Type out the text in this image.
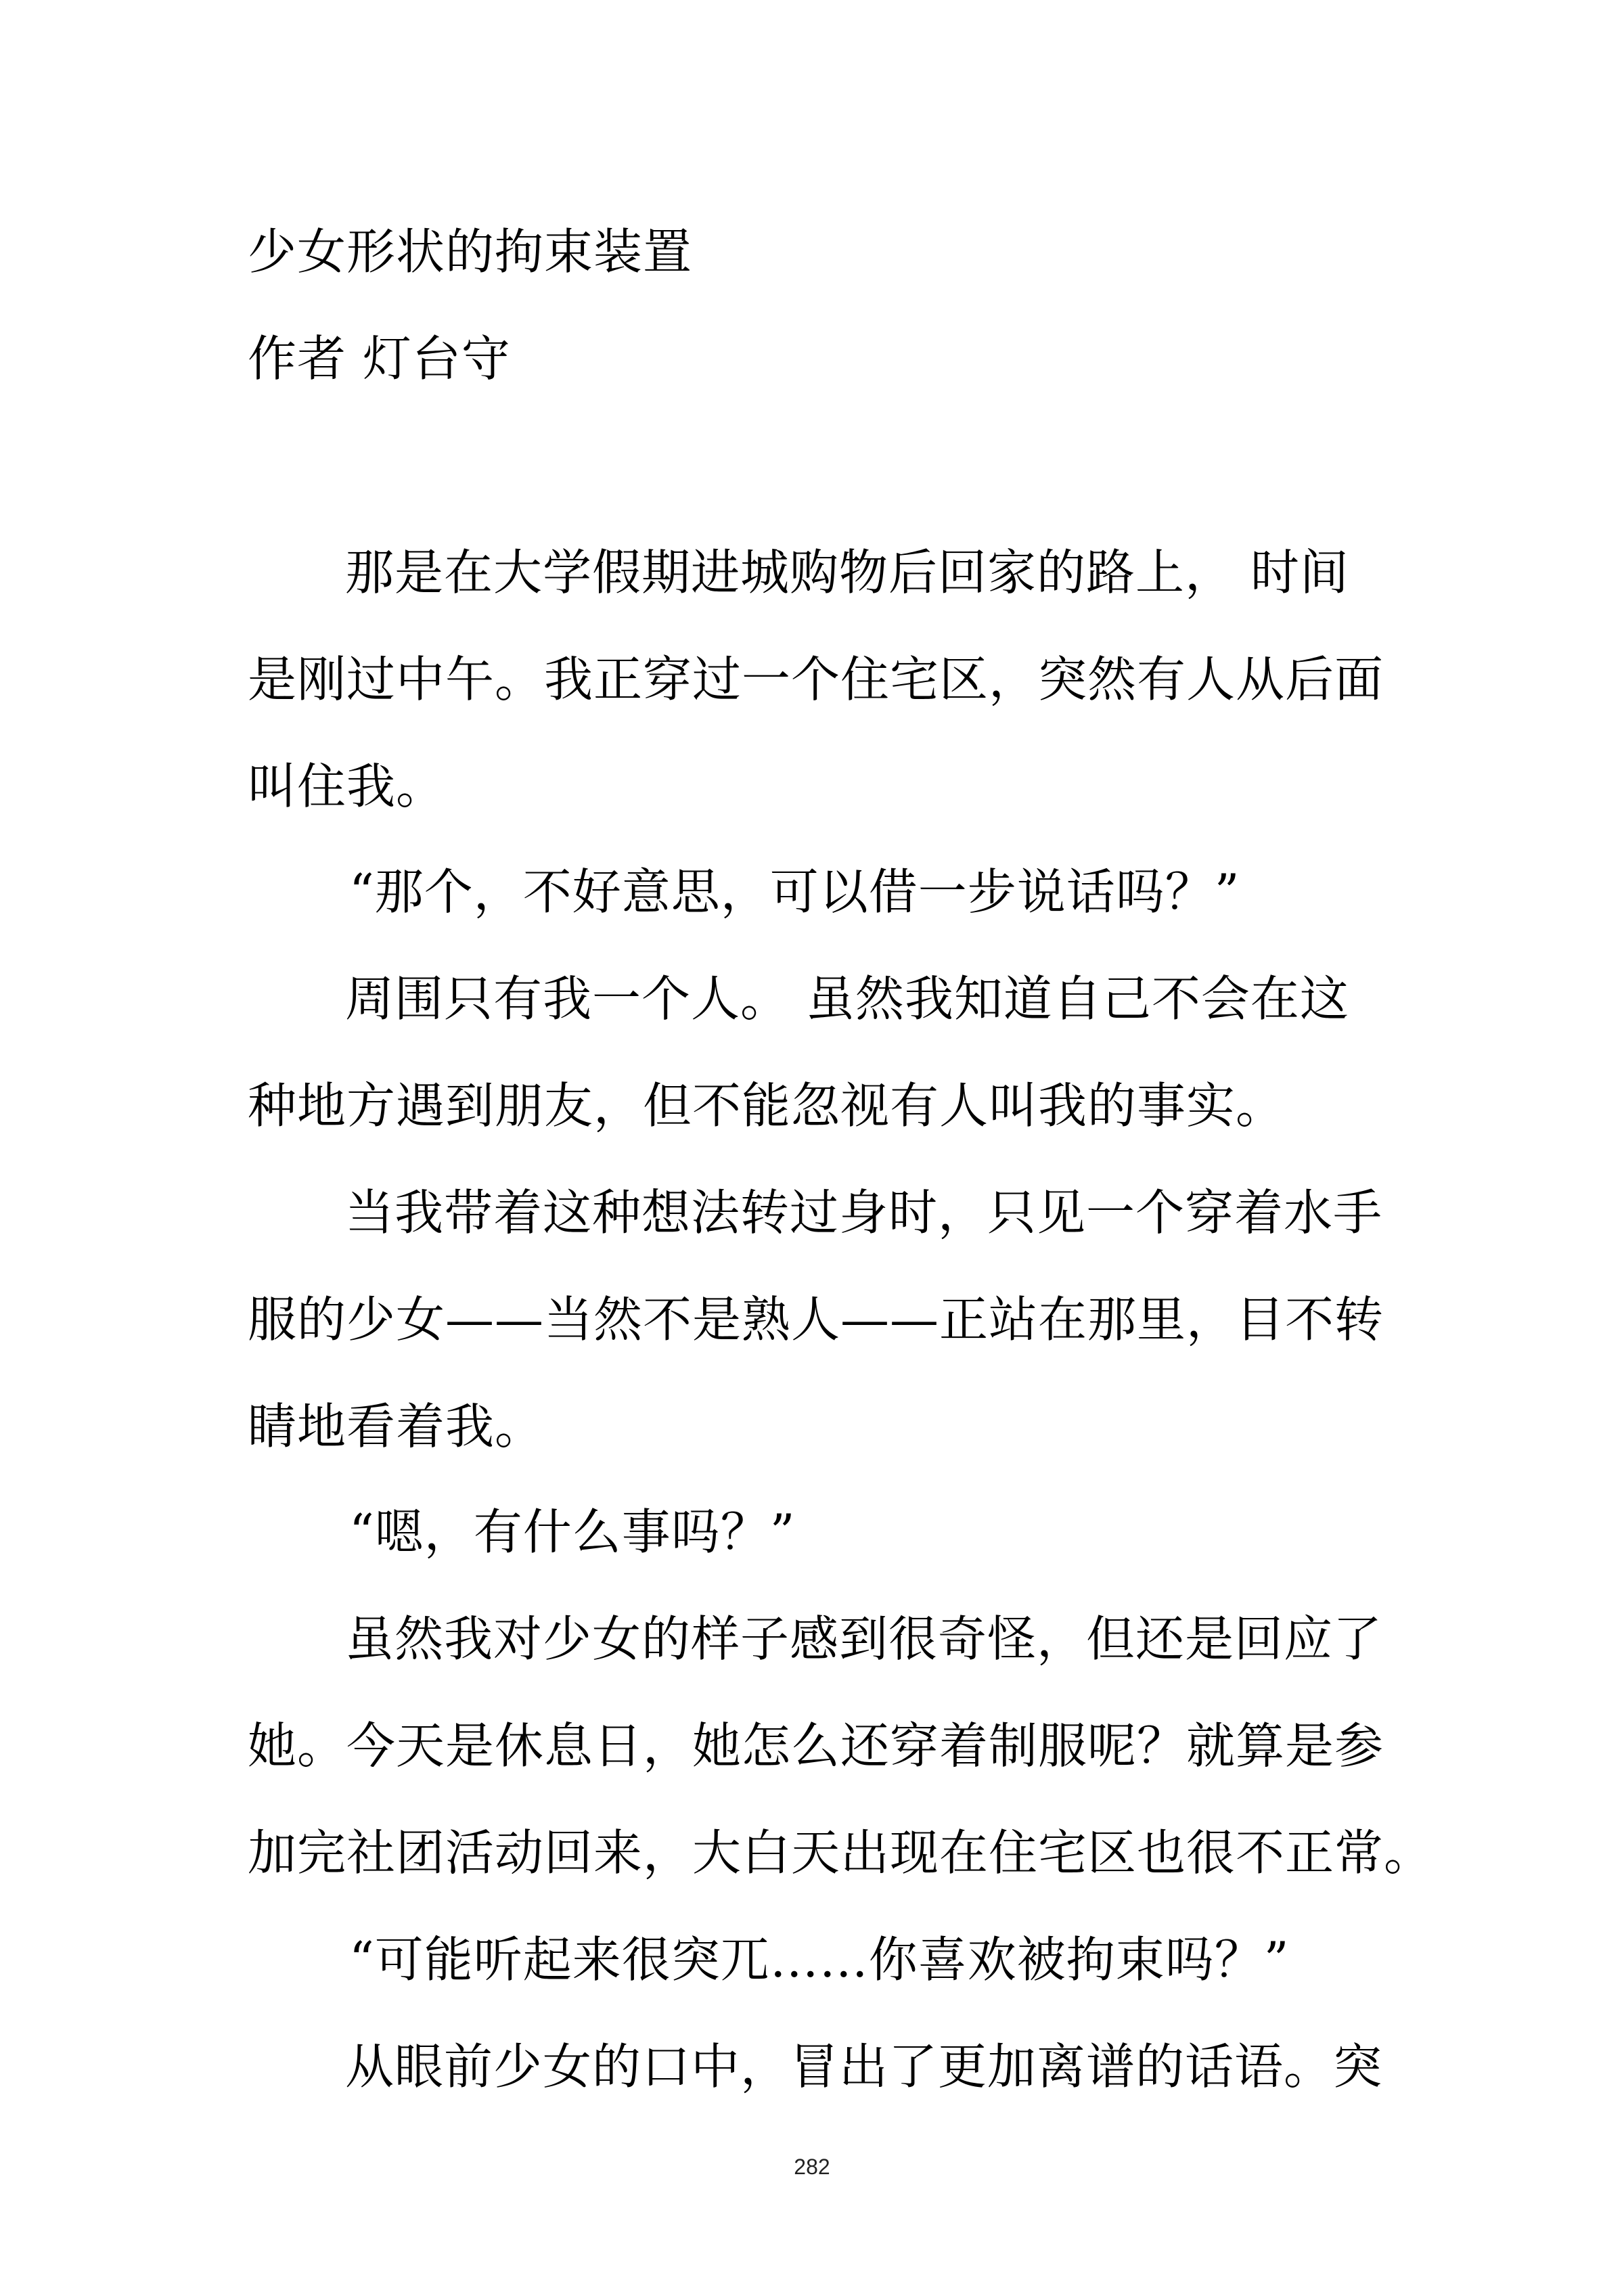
少女形状的拘束装置
作者 灯台守
那是在大学假期进城购物后回家的路上， 时间
是刚过中午。我正穿过一个住宅区，突然有人从后面
叫住我。
“那个，不好意思，可以借一步说话吗？”
周围只有我一个人。 虽然我知道自己不会在这
种地方遇到朋友，但不能忽视有人叫我的事实。
当我带着这种想法转过身时，只见一个穿着水手
服的少女——当然不是熟人——正站在那里，目不转
睛地看着我。
“嗯，有什么事吗？”
虽然我对少女的样子感到很奇怪，但还是回应了
她。今天是休息日，她怎么还穿着制服呢？就算是参
加完社团活动回来，大白天出现在住宅区也很不正常。
“可能听起来很突兀……你喜欢被拘束吗？”
从眼前少女的口中，冒出了更加离谱的话语。突
282
